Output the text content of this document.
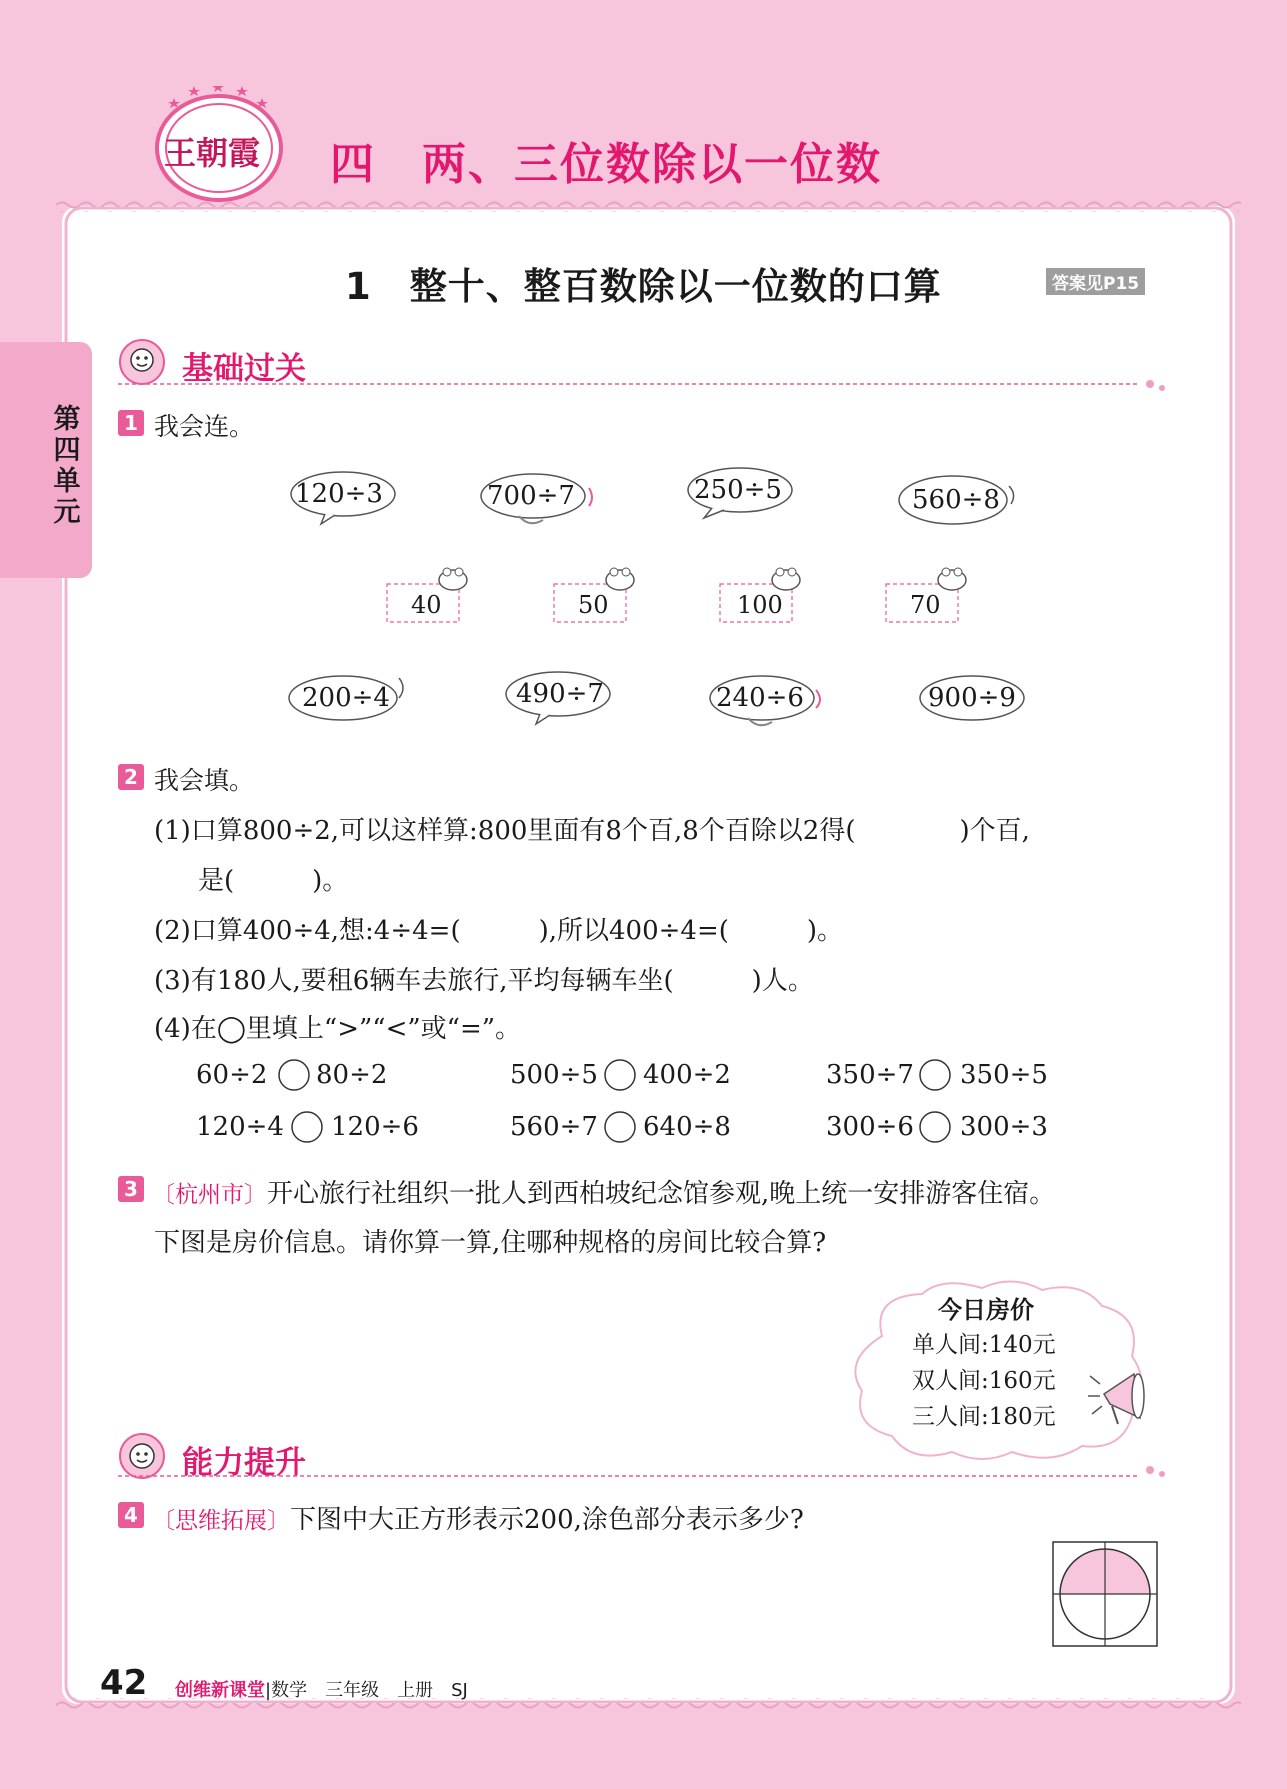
王朝霞 四　两、三位数除以一位数
第四单元
1　整十、整百数除以一位数的口算	答案见P15
基础过关
1 我会连。
120÷3	700÷7	250÷5	560÷8
40	50	100	70
200÷4	490÷7	240÷6	900÷9
2 我会填。
(1)口算800÷2,可以这样算:800里面有8个百,8个百除以2得(　　　　)个百,
是(　　　)。
(2)口算400÷4,想:4÷4=(　　　),所以400÷4=(　　　)。
(3)有180人,要租6辆车去旅行,平均每辆车坐(　　　)人。
(4)在◯里填上“>”“<”或“=”。
60÷2 80÷2	500÷5 400÷2	350÷7 350÷5
120÷4 120÷6	560÷7 640÷8	300÷6 300÷3
3 〔杭州市〕开心旅行社组织一批人到西柏坡纪念馆参观,晚上统一安排游客住宿。
下图是房价信息。请你算一算,住哪种规格的房间比较合算?
今日房价
单人间:140元
双人间:160元
三人间:180元
能力提升
4 〔思维拓展〕下图中大正方形表示200,涂色部分表示多少?
42 创维新课堂|数学　三年级　上册　SJ
